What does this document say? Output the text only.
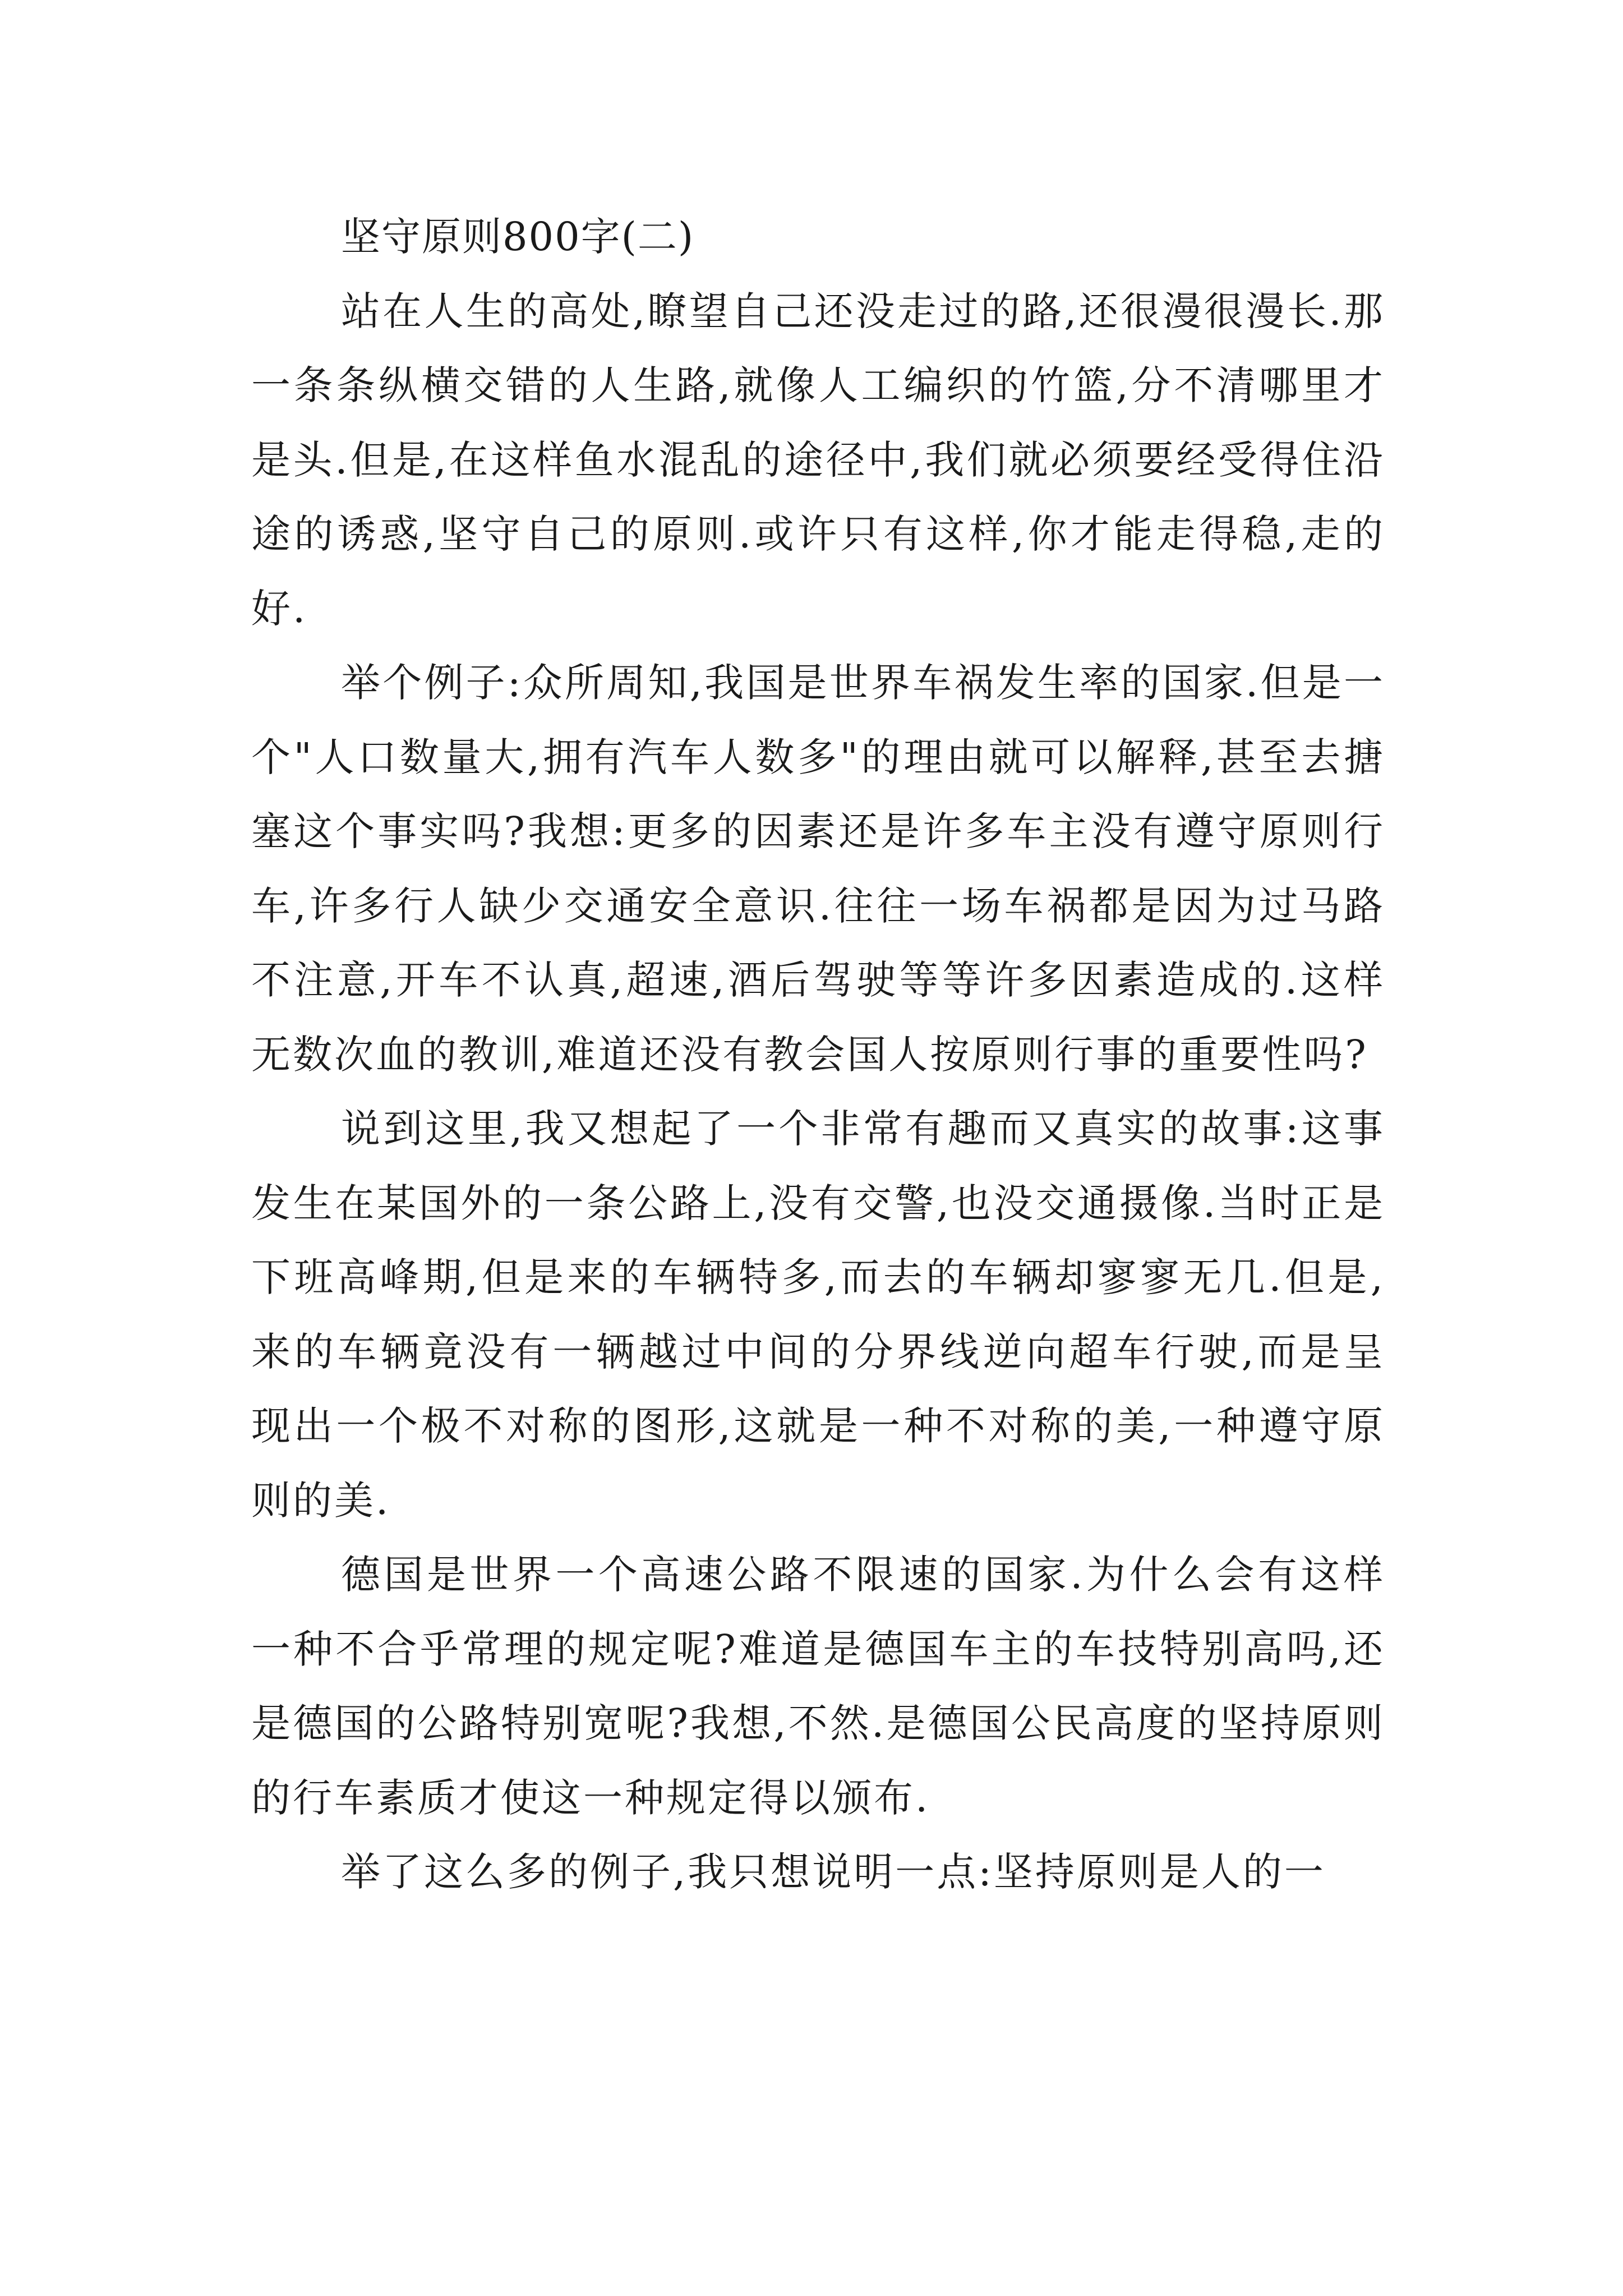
坚守原则800字(二)

站在人生的高处,瞭望自己还没走过的路,还很漫很漫长.那一条条纵横交错的人生路,就像人工编织的竹篮,分不清哪里才是头.但是,在这样鱼水混乱的途径中,我们就必须要经受得住沿途的诱惑,坚守自己的原则.或许只有这样,你才能走得稳,走的好.

举个例子:众所周知,我国是世界车祸发生率的国家.但是一个"人口数量大,拥有汽车人数多"的理由就可以解释,甚至去搪塞这个事实吗?我想:更多的因素还是许多车主没有遵守原则行车,许多行人缺少交通安全意识.往往一场车祸都是因为过马路不注意,开车不认真,超速,酒后驾驶等等许多因素造成的.这样无数次血的教训,难道还没有教会国人按原则行事的重要性吗?

说到这里,我又想起了一个非常有趣而又真实的故事:这事发生在某国外的一条公路上,没有交警,也没交通摄像.当时正是下班高峰期,但是来的车辆特多,而去的车辆却寥寥无几.但是,来的车辆竟没有一辆越过中间的分界线逆向超车行驶,而是呈现出一个极不对称的图形,这就是一种不对称的美,一种遵守原则的美.

德国是世界一个高速公路不限速的国家.为什么会有这样一种不合乎常理的规定呢?难道是德国车主的车技特别高吗,还是德国的公路特别宽呢?我想,不然.是德国公民高度的坚持原则的行车素质才使这一种规定得以颁布.

举了这么多的例子,我只想说明一点:坚持原则是人的一
